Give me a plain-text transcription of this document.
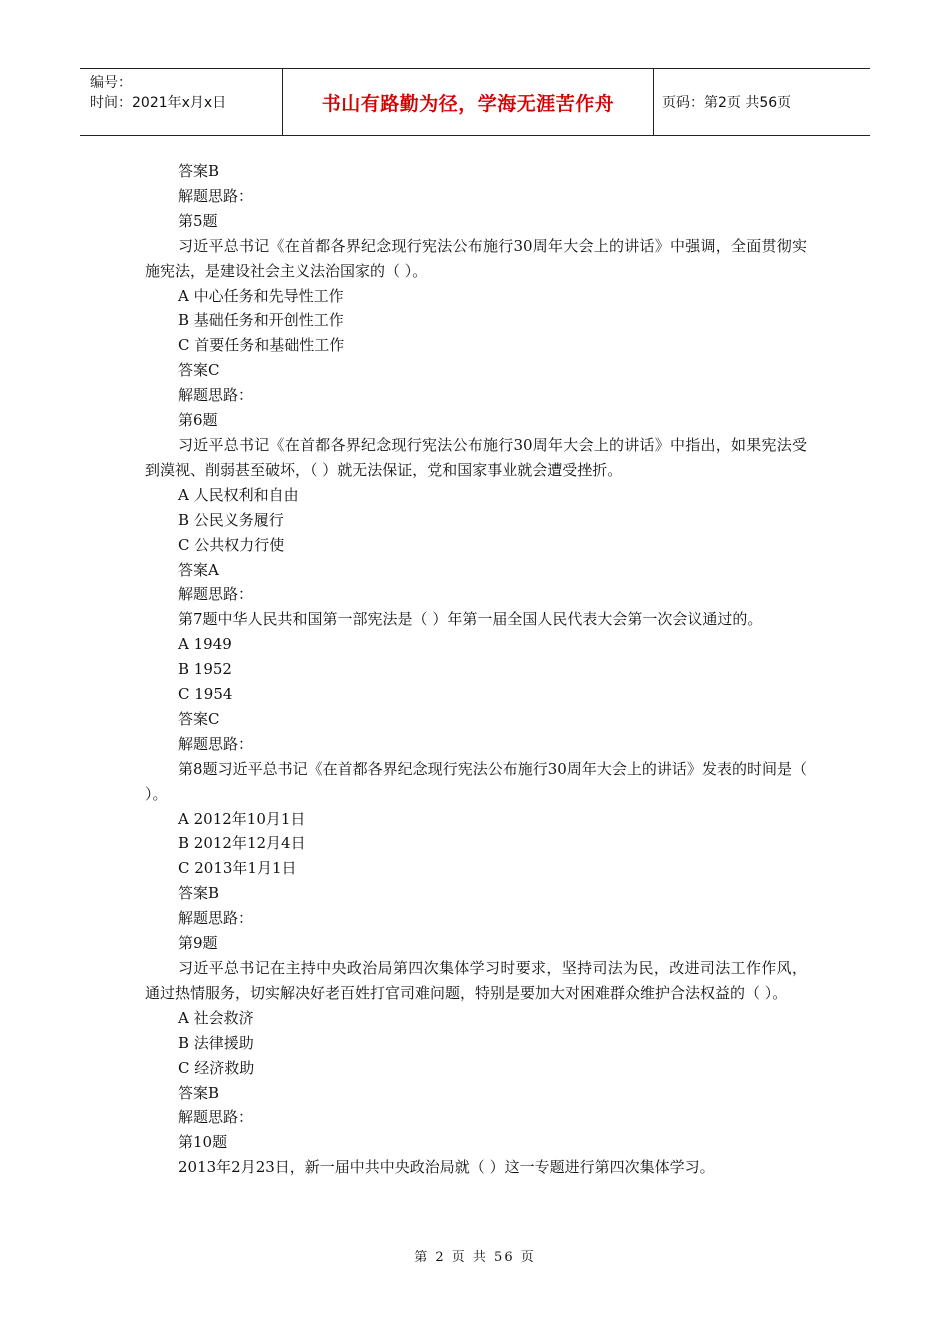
编号：
时间：2021年x月x日	书山有路勤为径，学海无涯苦作舟	页码：第2页 共56页

答案B

解题思路：

第5题

习近平总书记《在首都各界纪念现行宪法公布施行30周年大会上的讲话》中强调，全面贯彻实施宪法，是建设社会主义法治国家的（ ）。

A 中心任务和先导性工作

B 基础任务和开创性工作

C 首要任务和基础性工作

答案C

解题思路：

第6题

习近平总书记《在首都各界纪念现行宪法公布施行30周年大会上的讲话》中指出，如果宪法受到漠视、削弱甚至破坏，（ ）就无法保证，党和国家事业就会遭受挫折。

A 人民权利和自由

B 公民义务履行

C 公共权力行使

答案A

解题思路：

第7题中华人民共和国第一部宪法是（ ）年第一届全国人民代表大会第一次会议通过的。

A 1949

B 1952

C 1954

答案C

解题思路：

第8题习近平总书记《在首都各界纪念现行宪法公布施行30周年大会上的讲话》发表的时间是（ ）。

A 2012年10月1日

B 2012年12月4日

C 2013年1月1日

答案B

解题思路：

第9题

习近平总书记在主持中央政治局第四次集体学习时要求，坚持司法为民，改进司法工作作风，通过热情服务，切实解决好老百姓打官司难问题，特别是要加大对困难群众维护合法权益的（ ）。

A 社会救济

B 法律援助

C 经济救助

答案B

解题思路：

第10题

2013年2月23日，新一届中共中央政治局就（ ）这一专题进行第四次集体学习。

第 2 页 共 56 页
